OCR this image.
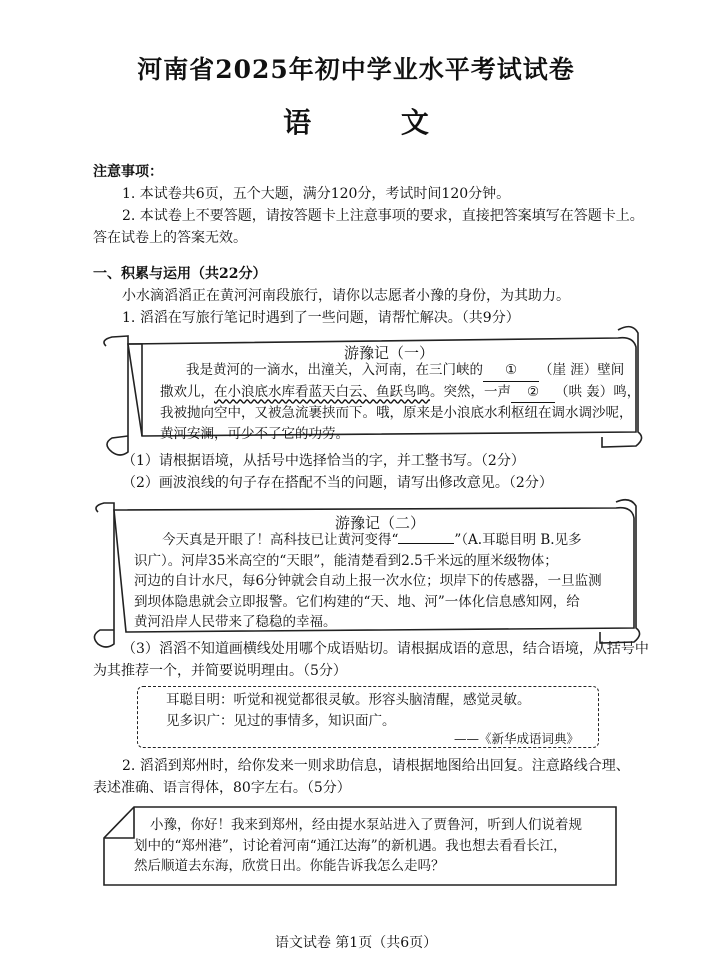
河南省2025年初中学业水平考试试卷
语 文
注意事项：
1. 本试卷共6页，五个大题，满分120分，考试时间120分钟。
2. 本试卷上不要答题，请按答题卡上注意事项的要求，直接把答案填写在答题卡上。
答在试卷上的答案无效。
一、积累与运用（共22分）
小水滴滔滔正在黄河河南段旅行，请你以志愿者小豫的身份，为其助力。
1. 滔滔在写旅行笔记时遇到了一些问题，请帮忙解决。（共9分）
游豫记（一）
我是黄河的一滴水，出潼关，入河南，在三门峡的 ① （崖 涯）壁间
撒欢儿，在小浪底水库看蓝天白云、鱼跃鸟鸣。突然，一声 ② （哄 轰）鸣，
我被抛向空中，又被急流裹挟而下。哦，原来是小浪底水利枢纽在调水调沙呢，
黄河安澜，可少不了它的功劳。
（1）请根据语境，从括号中选择恰当的字，并工整书写。（2分）
（2）画波浪线的句子存在搭配不当的问题，请写出修改意见。（2分）
游豫记（二）
今天真是开眼了！高科技已让黄河变得“	”（A.耳聪目明 B.见多
识广）。河岸35米高空的“天眼”，能清楚看到2.5千米远的厘米级物体；
河边的自计水尺，每6分钟就会自动上报一次水位；坝岸下的传感器，一旦监测
到坝体隐患就会立即报警。它们构建的“天、地、河”一体化信息感知网，给
黄河沿岸人民带来了稳稳的幸福。
（3）滔滔不知道画横线处用哪个成语贴切。请根据成语的意思，结合语境，从括号中
为其推荐一个，并简要说明理由。（5分）
耳聪目明：听觉和视觉都很灵敏。形容头脑清醒，感觉灵敏。
见多识广：见过的事情多，知识面广。
——《新华成语词典》
2. 滔滔到郑州时，给你发来一则求助信息，请根据地图给出回复。注意路线合理、
表述准确、语言得体，80字左右。（5分）
小豫，你好！我来到郑州，经由提水泵站进入了贾鲁河，听到人们说着规
划中的“郑州港”，讨论着河南“通江达海”的新机遇。我也想去看看长江，
然后顺道去东海，欣赏日出。你能告诉我怎么走吗？
语文试卷 第1页（共6页）
